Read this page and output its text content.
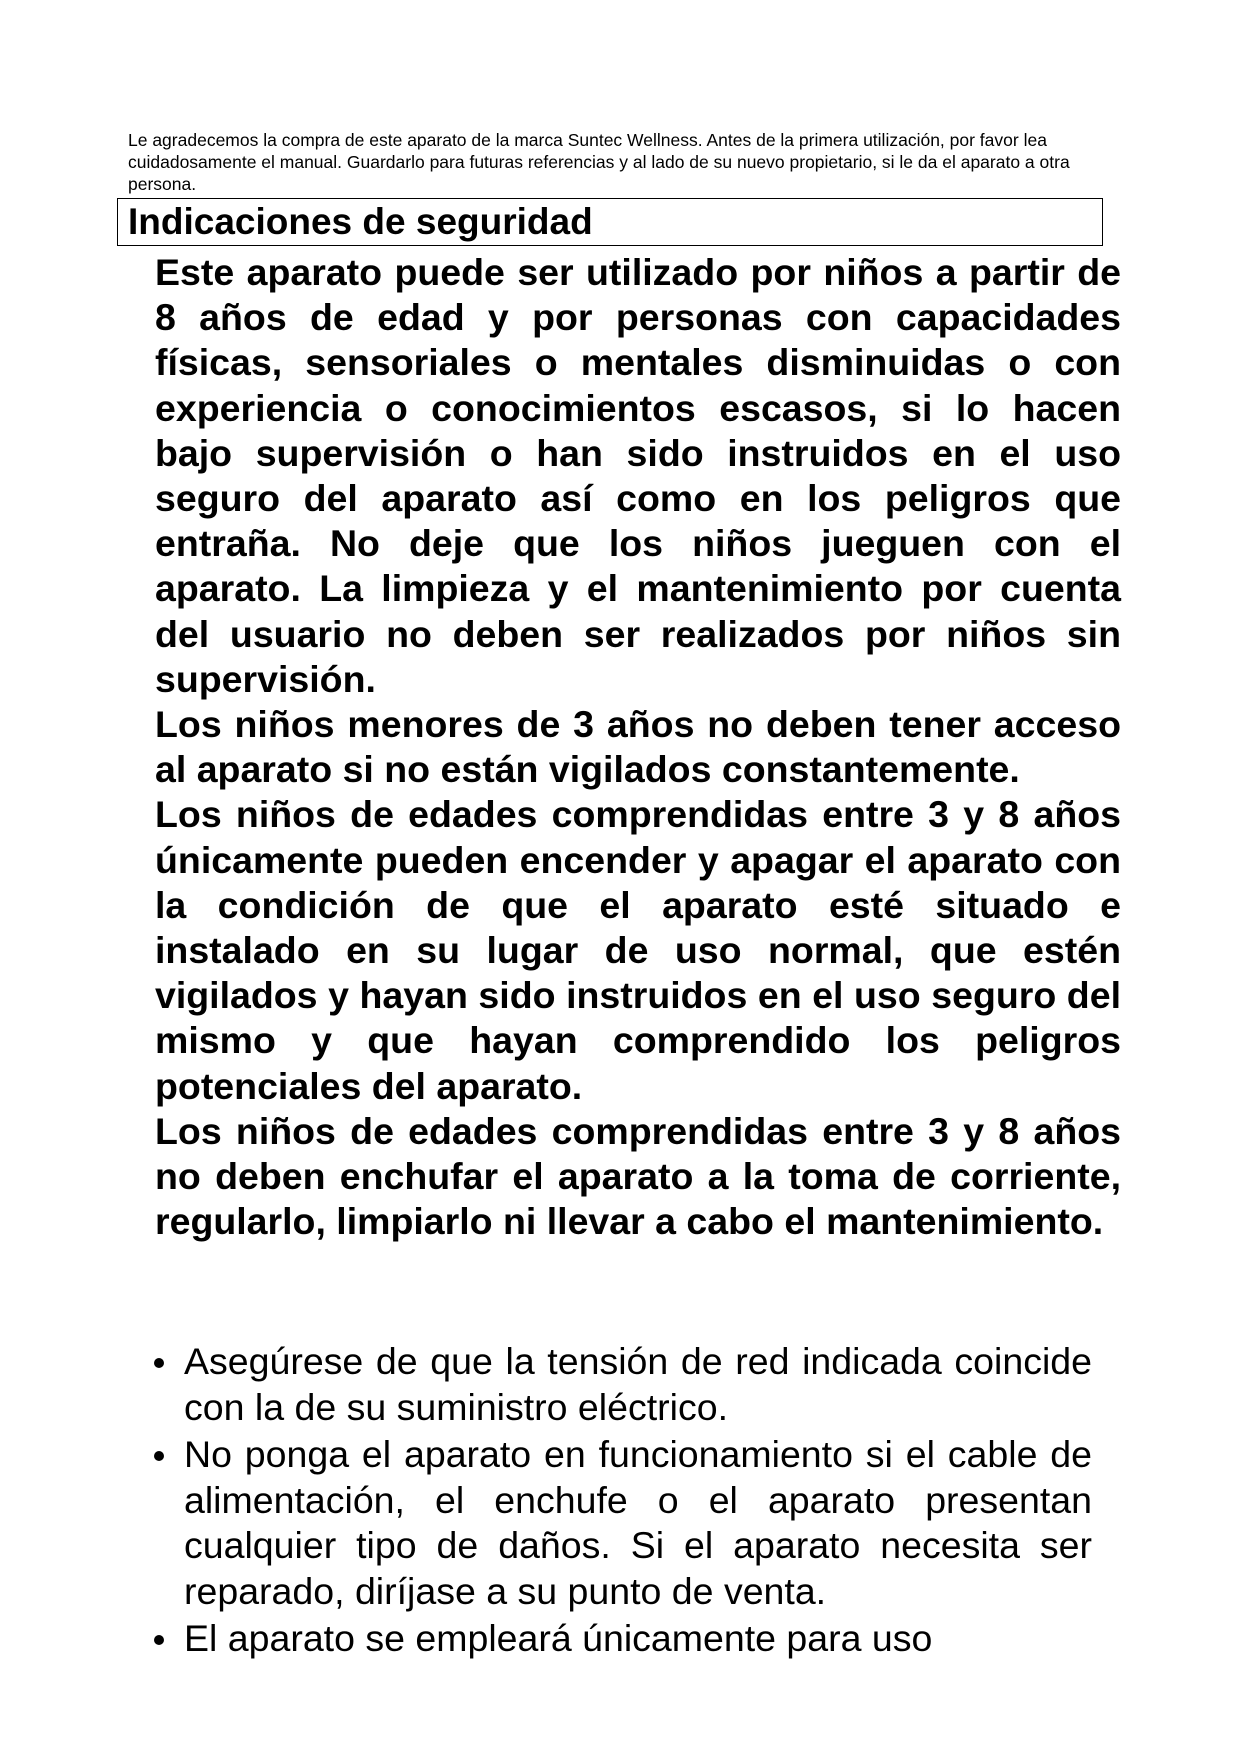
Le agradecemos la compra de este aparato de la marca Suntec Wellness. Antes de la primera utilización, por favor lea cuidadosamente el manual. Guardarlo para futuras referencias y al lado de su nuevo propietario, si le da el aparato a otra persona.
Indicaciones de seguridad

Este aparato puede ser utilizado por niños a partir de 8 años de edad y por personas con capacidades físicas, sensoriales o mentales disminuidas o con experiencia o conocimientos escasos, si lo hacen bajo supervisión o han sido instruidos en el uso seguro del aparato así como en los peligros que entraña. No deje que los niños jueguen con el aparato. La limpieza y el mantenimiento por cuenta del usuario no deben ser realizados por niños sin supervisión.

Los niños menores de 3 años no deben tener acceso al aparato si no están vigilados constantemente.

Los niños de edades comprendidas entre 3 y 8 años únicamente pueden encender y apagar el aparato con la condición de que el aparato esté situado e instalado en su lugar de uso normal, que estén vigilados y hayan sido instruidos en el uso seguro del mismo y que hayan comprendido los peligros potenciales del aparato.

Los niños de edades comprendidas entre 3 y 8 años no deben enchufar el aparato a la toma de corriente, regularlo, limpiarlo ni llevar a cabo el mantenimiento.

Asegúrese de que la tensión de red indicada coincide con la de su suministro eléctrico.
No ponga el aparato en funcionamiento si el cable de alimentación, el enchufe o el aparato presentan cualquier tipo de daños. Si el aparato necesita ser reparado, diríjase a su punto de venta.
El aparato se empleará únicamente para uso
